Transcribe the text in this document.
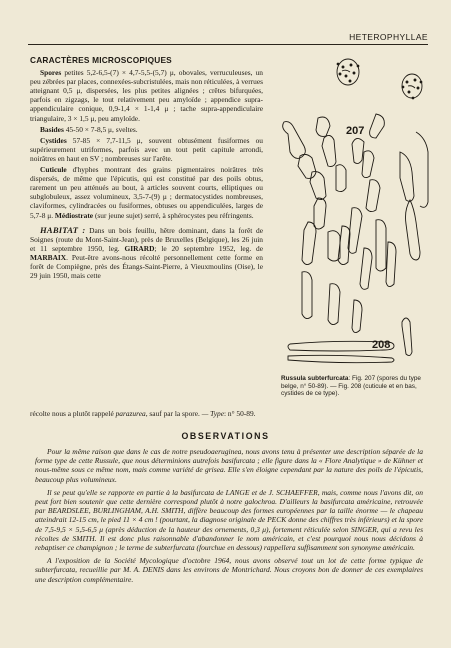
HETEROPHYLLAE

CARACTÈRES MICROSCOPIQUES

Spores petites 5,2-6,5-(7) × 4,7-5,5-(5,7) μ, obovales, verruculeuses, un peu zébrées par places, connexées-subcristulées, mais non réticulées, à verrues atteignant 0,5 μ, dispersées, les plus petites alignées ; crêtes bifurquées, parfois en zigzags, le tout relativement peu amyloïde ; appendice supra-appendiculaire conique, 0,9-1,4 × 1-1,4 μ ; tache supra-appendiculaire triangulaire, 3 × 1,5 μ, peu amyloïde.

Basides 45-50 × 7-8,5 μ, sveltes.

Cystides 57-85 × 7,7-11,5 μ, souvent obtusément fusiformes ou supérieurement utriformes, parfois avec un tout petit capitule arrondi, noirâtres en haut en SV ; nombreuses sur l'arête.

Cuticule d'hyphes montrant des grains pigmentaires noirâtres très dispersés, de même que l'épicutis, qui est constitué par des poils obtus, rarement un peu atténués au bout, à articles souvent courts, elliptiques ou subglobuleux, assez volumineux, 3,5-7-(9) μ ; dermatocystides nombreuses, claviformes, cylindracées ou fusiformes, obtuses ou appendiculées, larges de 5,7-8 μ. Médiostrate (sur jeune sujet) serré, à sphérocystes peu réfringents.

HABITAT : Dans un bois feuillu, hêtre dominant, dans la forêt de Soignes (route du Mont-Saint-Jean), près de Bruxelles (Belgique), les 26 juin et 11 septembre 1950, leg. GIRARD; le 20 septembre 1952, leg. de MARBAIX. Peut-être avons-nous récolté personnellement cette forme en forêt de Compiègne, près des Étangs-Saint-Pierre, à Vieuxmoulins (Oise), le 29 juin 1950, mais cette

207
208
Russula subterfurcata: Fig. 207 (spores du type belge, n° 50-89). — Fig. 208 (cuticule et en bas, cystides de ce type).
récolte nous a plutôt rappelé parazurea, sauf par la spore. — Type: n° 50-89.
OBSERVATIONS

Pour la même raison que dans le cas de notre pseudoaeruginea, nous avons tenu à présenter une description séparée de la forme type de cette Russule, que nous déterminions autrefois basifurcata ; elle figure dans la « Flore Analytique » de Kühner et nous-même sous ce même nom, mais comme variété de grisea. Elle s'en éloigne cependant par la nature des poils de l'épicutis, beaucoup plus volumineux.

Il se peut qu'elle se rapporte en partie à la basifurcata de LANGE et de J. SCHAEFFER, mais, comme nous l'avons dit, on peut fort bien soutenir que cette dernière correspond plutôt à notre galochroa. D'ailleurs la basifurcata américaine, retrouvée par BEARDSLEE, BURLINGHAM, A.H. SMITH, diffère beaucoup des formes européennes par la taille énorme — le chapeau atteindrait 12-15 cm, le pied 11 × 4 cm ! (pourtant, la diagnose originale de PECK donne des chiffres très inférieurs) et la spore de 7,5-9,5 × 5,5-6,5 μ (après déduction de la hauteur des ornements, 0,3 μ), fortement réticulée selon SINGER, qui a revu les récoltes de SMITH. Il est donc plus raisonnable d'abandonner le nom américain, et c'est pourquoi nous nous décidons à rebaptiser ce champignon ; le terme de subterfurcata (fourchue en dessous) rappellera suffisamment son synonyme américain.

A l'exposition de la Société Mycologique d'octobre 1964, nous avons observé tout un lot de cette forme typique de subterfurcata, recueillie par M. A. DENIS dans les environs de Montrichard. Nous croyons bon de donner de ces exemplaires une description complémentaire.
